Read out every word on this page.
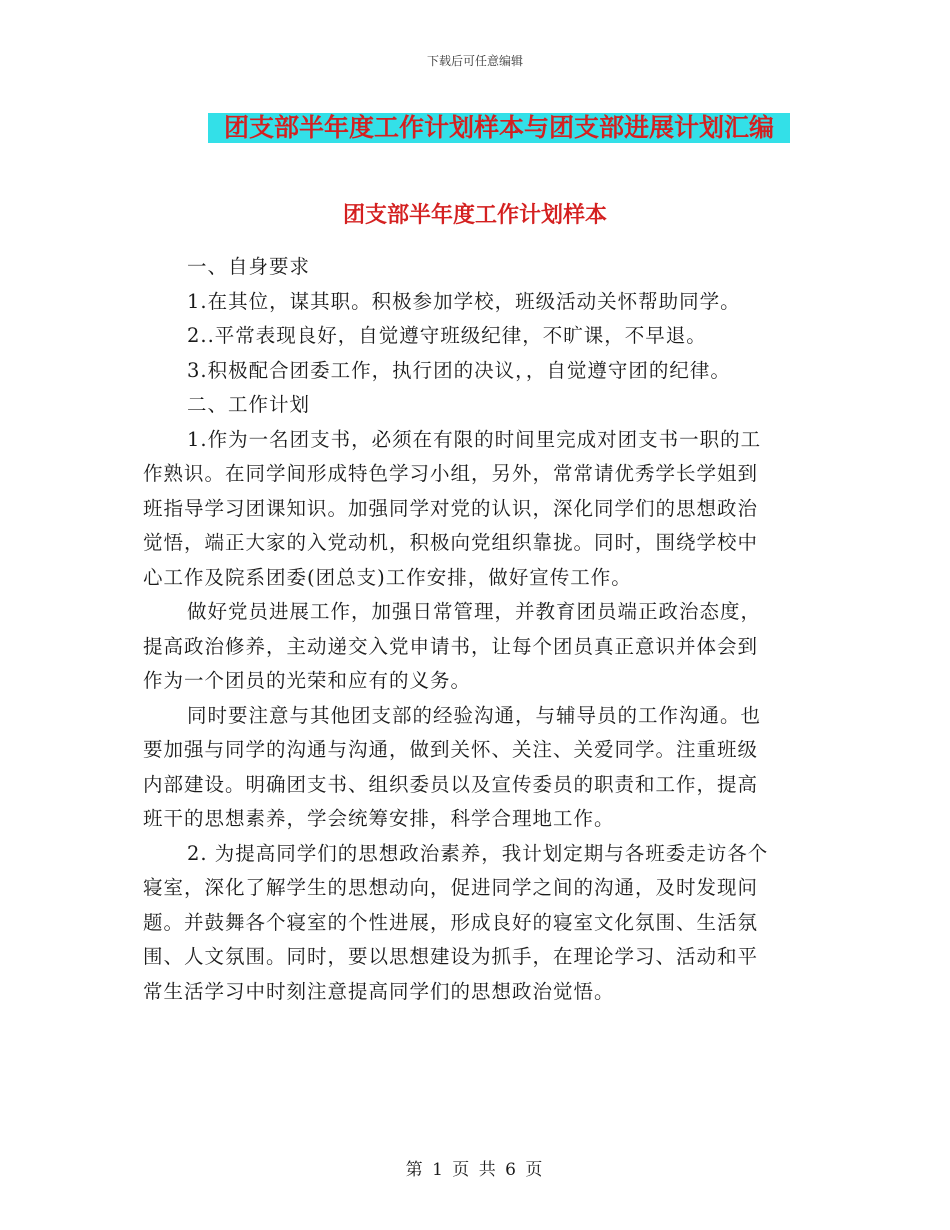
下载后可任意编辑
团支部半年度工作计划样本与团支部进展计划汇编
团支部半年度工作计划样本
一、自身要求
1.在其位，谋其职。积极参加学校，班级活动关怀帮助同学。
2..平常表现良好，自觉遵守班级纪律，不旷课，不早退。
3.积极配合团委工作，执行团的决议，，自觉遵守团的纪律。
二、工作计划
1.作为一名团支书，必须在有限的时间里完成对团支书一职的工
作熟识。在同学间形成特色学习小组，另外，常常请优秀学长学姐到
班指导学习团课知识。加强同学对党的认识，深化同学们的思想政治
觉悟，端正大家的入党动机，积极向党组织靠拢。同时，围绕学校中
心工作及院系团委(团总支)工作安排，做好宣传工作。
做好党员进展工作，加强日常管理，并教育团员端正政治态度，
提高政治修养，主动递交入党申请书，让每个团员真正意识并体会到
作为一个团员的光荣和应有的义务。
同时要注意与其他团支部的经验沟通，与辅导员的工作沟通。也
要加强与同学的沟通与沟通，做到关怀、关注、关爱同学。注重班级
内部建设。明确团支书、组织委员以及宣传委员的职责和工作，提高
班干的思想素养，学会统筹安排，科学合理地工作。
2. 为提高同学们的思想政治素养，我计划定期与各班委走访各个
寝室，深化了解学生的思想动向，促进同学之间的沟通，及时发现问
题。并鼓舞各个寝室的个性进展，形成良好的寝室文化氛围、生活氛
围、人文氛围。同时，要以思想建设为抓手，在理论学习、活动和平
常生活学习中时刻注意提高同学们的思想政治觉悟。
第 1 页 共 6 页
